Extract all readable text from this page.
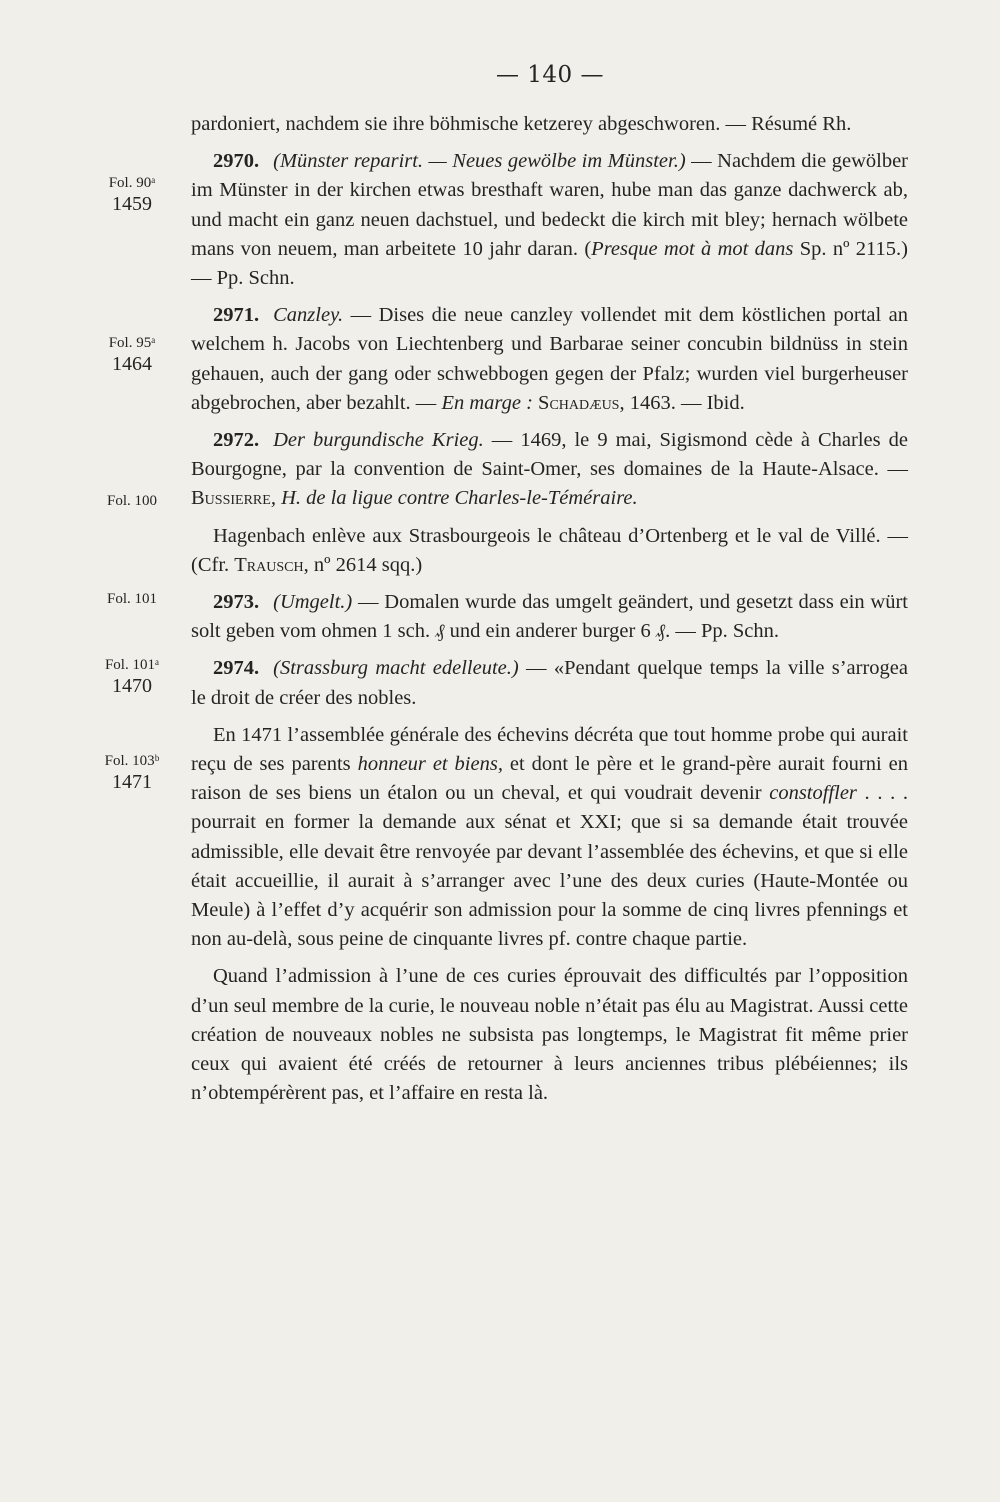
— 140 —
Fol. 90ᵃ
1459
Fol. 95ᵃ
1464
Fol. 100
Fol. 101
Fol. 101ᵃ
1470
Fol. 103ᵇ
1471

pardoniert, nachdem sie ihre böhmische ketzerey abgeschworen. — Résumé Rh.

2970. (Münster reparirt. — Neues gewölbe im Münster.) — Nachdem die gewölber im Münster in der kirchen etwas bresthaft waren, hube man das ganze dachwerck ab, und macht ein ganz neuen dachstuel, und bedeckt die kirch mit bley; hernach wölbete mans von neuem, man arbeitete 10 jahr daran. (Presque mot à mot dans Sp. nº 2115.) — Pp. Schn.

2971. Canzley. — Dises die neue canzley vollendet mit dem köstlichen portal an welchem h. Jacobs von Liechtenberg und Barbarae seiner concubin bildnüss in stein gehauen, auch der gang oder schwebbogen gegen der Pfalz; wurden viel burgerheuser abgebrochen, aber bezahlt. — En marge : Schadæus, 1463. — Ibid.

2972. Der burgundische Krieg. — 1469, le 9 mai, Sigismond cède à Charles de Bourgogne, par la convention de Saint-Omer, ses domaines de la Haute-Alsace. — Bussierre, H. de la ligue contre Charles-le-Téméraire.

Hagenbach enlève aux Strasbourgeois le château d’Ortenberg et le val de Villé. — (Cfr. Trausch, nº 2614 sqq.)

2973. (Umgelt.) — Domalen wurde das umgelt geändert, und gesetzt dass ein würt solt geben vom ohmen 1 sch. ₰ und ein anderer burger 6 ₰. — Pp. Schn.

2974. (Strassburg macht edelleute.) — «Pendant quelque temps la ville s’arrogea le droit de créer des nobles.

En 1471 l’assemblée générale des échevins décréta que tout homme probe qui aurait reçu de ses parents honneur et biens, et dont le père et le grand-père aurait fourni en raison de ses biens un étalon ou un cheval, et qui voudrait devenir constoffler . . . . pourrait en former la demande aux sénat et XXI; que si sa demande était trouvée admissible, elle devait être renvoyée par devant l’assemblée des échevins, et que si elle était accueillie, il aurait à s’arranger avec l’une des deux curies (Haute-Montée ou Meule) à l’effet d’y acquérir son admission pour la somme de cinq livres pfennings et non au-delà, sous peine de cinquante livres pf. contre chaque partie.

Quand l’admission à l’une de ces curies éprouvait des difficultés par l’opposition d’un seul membre de la curie, le nouveau noble n’était pas élu au Magistrat. Aussi cette création de nouveaux nobles ne subsista pas longtemps, le Magistrat fit même prier ceux qui avaient été créés de retourner à leurs anciennes tribus plébéiennes; ils n’obtempérèrent pas, et l’affaire en resta là.
